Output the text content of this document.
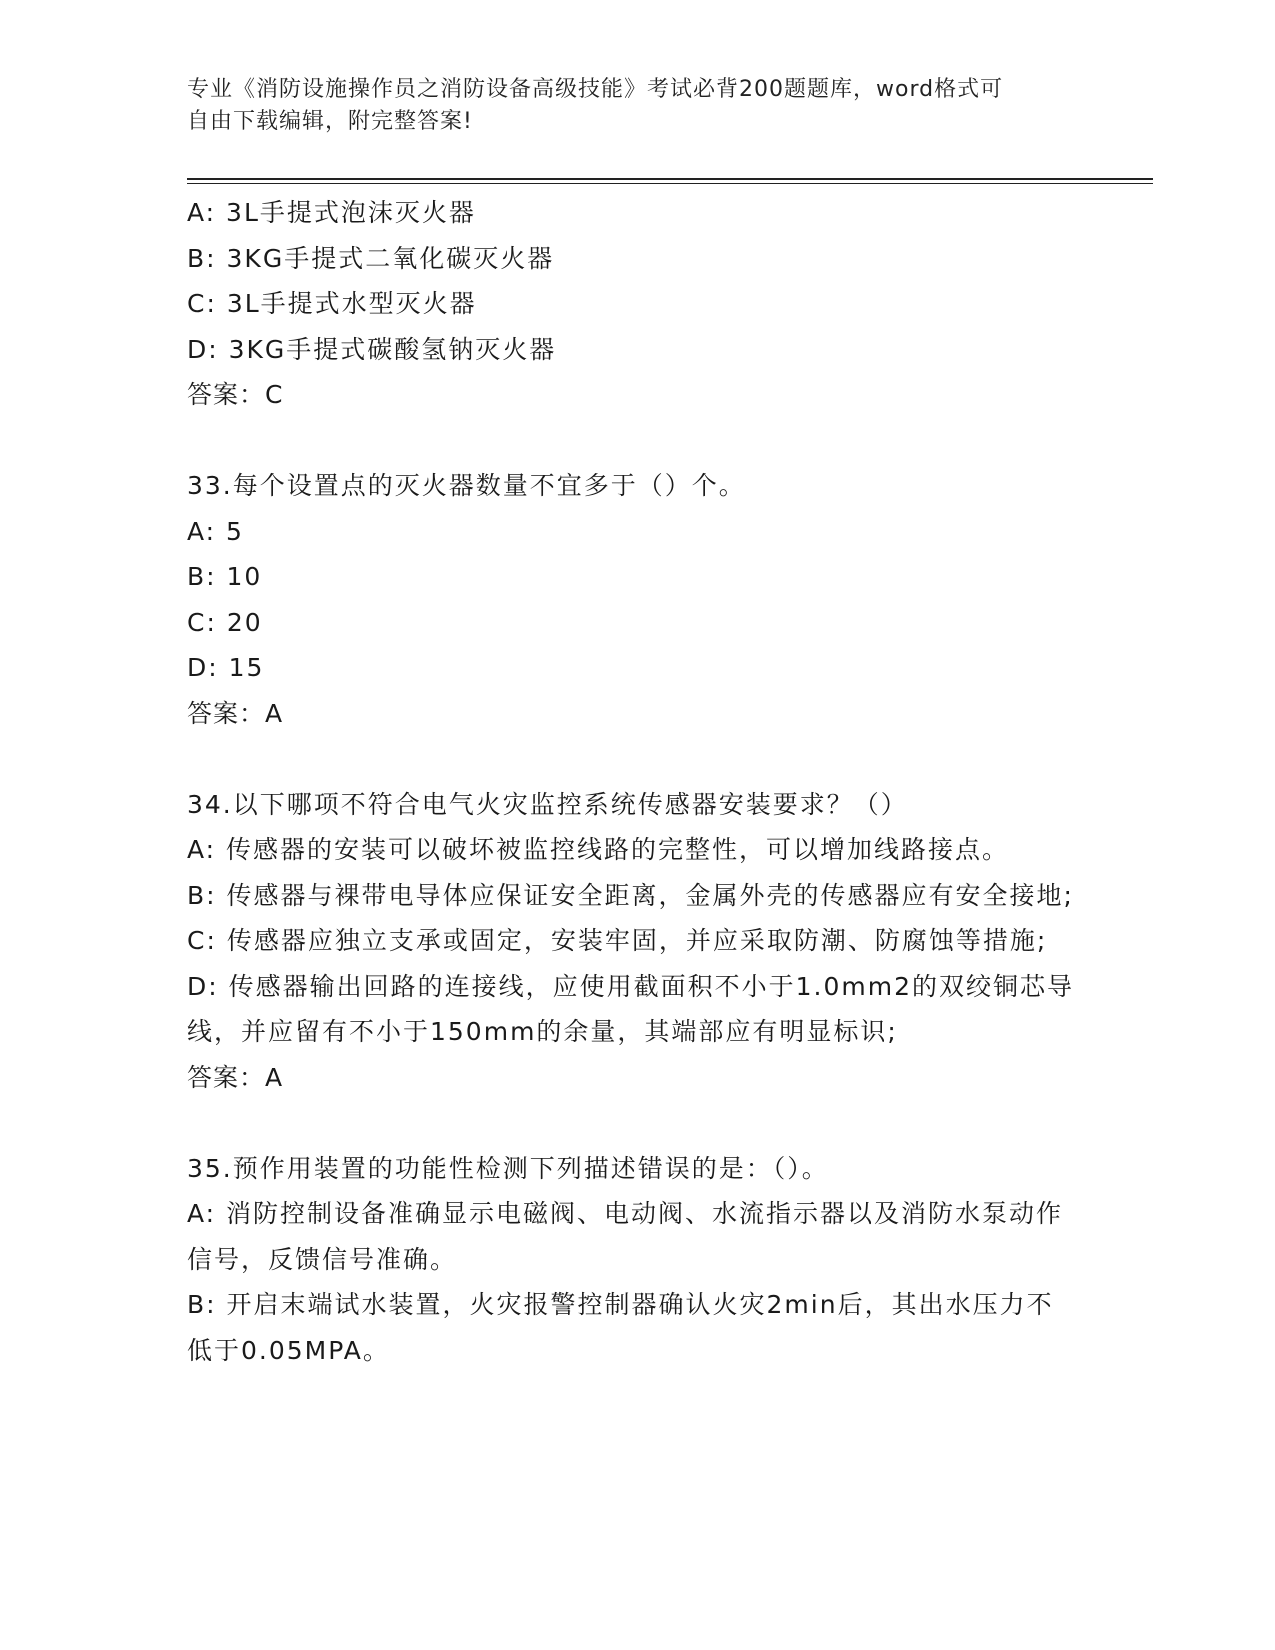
专业《消防设施操作员之消防设备高级技能》考试必背200题题库，word格式可
自由下载编辑，附完整答案!

A: 3L手提式泡沫灭火器

B: 3KG手提式二氧化碳灭火器

C: 3L手提式水型灭火器

D: 3KG手提式碳酸氢钠灭火器

答案：C

33.每个设置点的灭火器数量不宜多于（）个。

A: 5

B: 10

C: 20

D: 15

答案：A

34.以下哪项不符合电气火灾监控系统传感器安装要求？（）

A: 传感器的安装可以破坏被监控线路的完整性，可以增加线路接点。

B: 传感器与裸带电导体应保证安全距离，金属外壳的传感器应有安全接地;

C: 传感器应独立支承或固定，安装牢固，并应采取防潮、防腐蚀等措施;

D: 传感器输出回路的连接线，应使用截面积不小于1.0mm2的双绞铜芯导线，并应留有不小于150mm的余量，其端部应有明显标识;

答案：A

35.预作用装置的功能性检测下列描述错误的是：（）。

A: 消防控制设备准确显示电磁阀、电动阀、水流指示器以及消防水泵动作信号，反馈信号准确。

B: 开启末端试水装置，火灾报警控制器确认火灾2min后，其出水压力不低于0.05MPA。
